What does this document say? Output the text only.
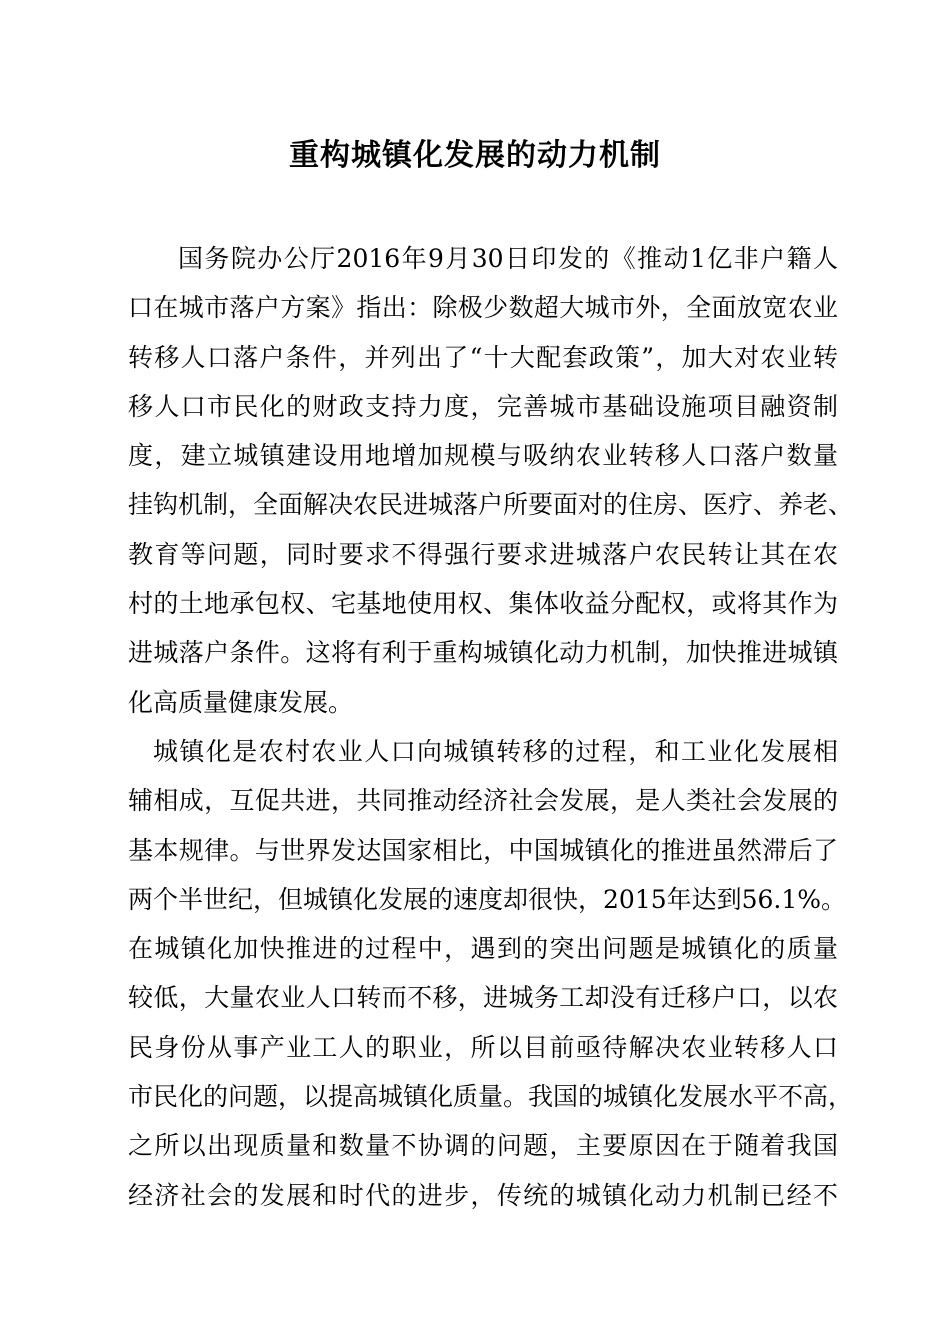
重构城镇化发展的动力机制
国务院办公厅2016年9月30日印发的《推动1亿非户籍人
口在城市落户方案》指出：除极少数超大城市外，全面放宽农业
转移人口落户条件，并列出了“十大配套政策”，加大对农业转
移人口市民化的财政支持力度，完善城市基础设施项目融资制
度，建立城镇建设用地增加规模与吸纳农业转移人口落户数量
挂钩机制，全面解决农民进城落户所要面对的住房、医疗、养老、
教育等问题，同时要求不得强行要求进城落户农民转让其在农
村的土地承包权、宅基地使用权、集体收益分配权，或将其作为
进城落户条件。这将有利于重构城镇化动力机制，加快推进城镇
化高质量健康发展。
城镇化是农村农业人口向城镇转移的过程，和工业化发展相
辅相成，互促共进，共同推动经济社会发展，是人类社会发展的
基本规律。与世界发达国家相比，中国城镇化的推进虽然滞后了
两个半世纪，但城镇化发展的速度却很快，2015年达到56.1%。
在城镇化加快推进的过程中，遇到的突出问题是城镇化的质量
较低，大量农业人口转而不移，进城务工却没有迁移户口，以农
民身份从事产业工人的职业，所以目前亟待解决农业转移人口
市民化的问题，以提高城镇化质量。我国的城镇化发展水平不高，
之所以出现质量和数量不协调的问题，主要原因在于随着我国
经济社会的发展和时代的进步，传统的城镇化动力机制已经不
